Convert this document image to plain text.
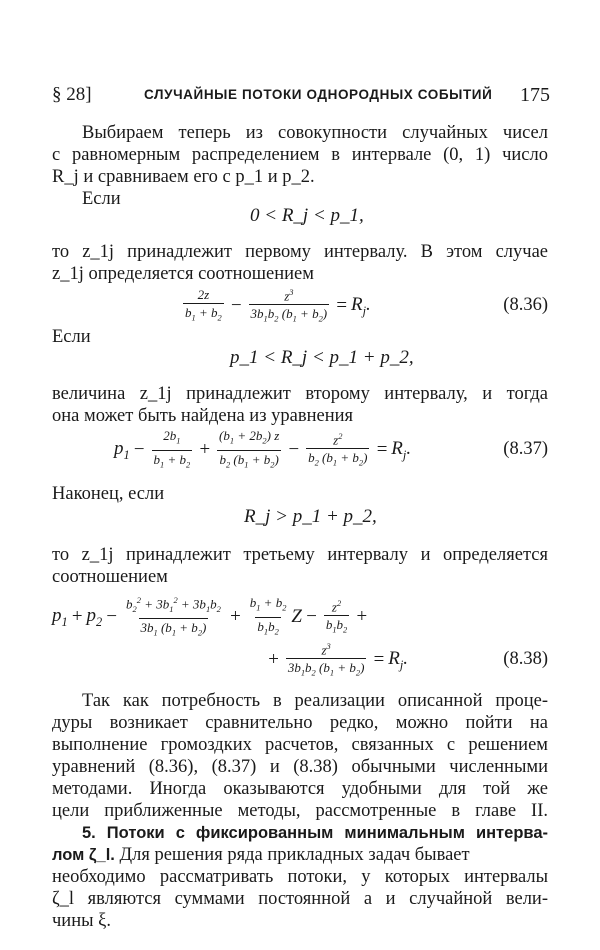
§ 28]	СЛУЧАЙНЫЕ ПОТОКИ ОДНОРОДНЫХ СОБЫТИЙ 175
Выбираем теперь из совокупности случайных чисел
с равномерным распределением в интервале (0, 1) число
R_j и сравниваем его с p_1 и p_2.
Если
0 < R_j < p_1,
то z_1j принадлежит первому интервалу. В этом случае
z_1j определяется соотношением
$\frac{2z}{b_1 + b_2} - \frac{z^3}{3b_1b_2 (b_1 + b_2)} = R_j$.	(8.36)
Если
p_1 < R_j < p_1 + p_2,
величина z_1j принадлежит второму интервалу, и тогда
она может быть найдена из уравнения
$p_1 - \frac{2b_1}{b_1 + b_2} + \frac{(b_1 + 2b_2) z}{b_2 (b_1 + b_2)} - \frac{z^2}{b_2 (b_1 + b_2)} = R_j$.	(8.37)
Наконец, если
R_j > p_1 + p_2,
то z_1j принадлежит третьему интервалу и определяется
соотношением
$p_1 + p_2 - \frac{b_2^2 + 3b_1^2 + 3b_1b_2}{3b_1 (b_1 + b_2)} + \frac{b_1 + b_2}{b_1b_2}$ $Z - \frac{z^2}{b_1b_2}$ +
+ $\frac{z^3}{3b_1b_2 (b_1 + b_2)} = R_j$.	(8.38)
Так как потребность в реализации описанной проце-
дуры возникает сравнительно редко, можно пойти на
выполнение громоздких расчетов, связанных с решением
уравнений (8.36), (8.37) и (8.38) обычными численными
методами. Иногда оказываются удобными для той же
цели приближенные методы, рассмотренные в главе II.
5. Потоки с фиксированным минимальным интерва-
лом ζ_l. Для решения ряда прикладных задач бывает
необходимо рассматривать потоки, у которых интервалы
ζ_l являются суммами постоянной a и случайной вели-
чины ξ.
